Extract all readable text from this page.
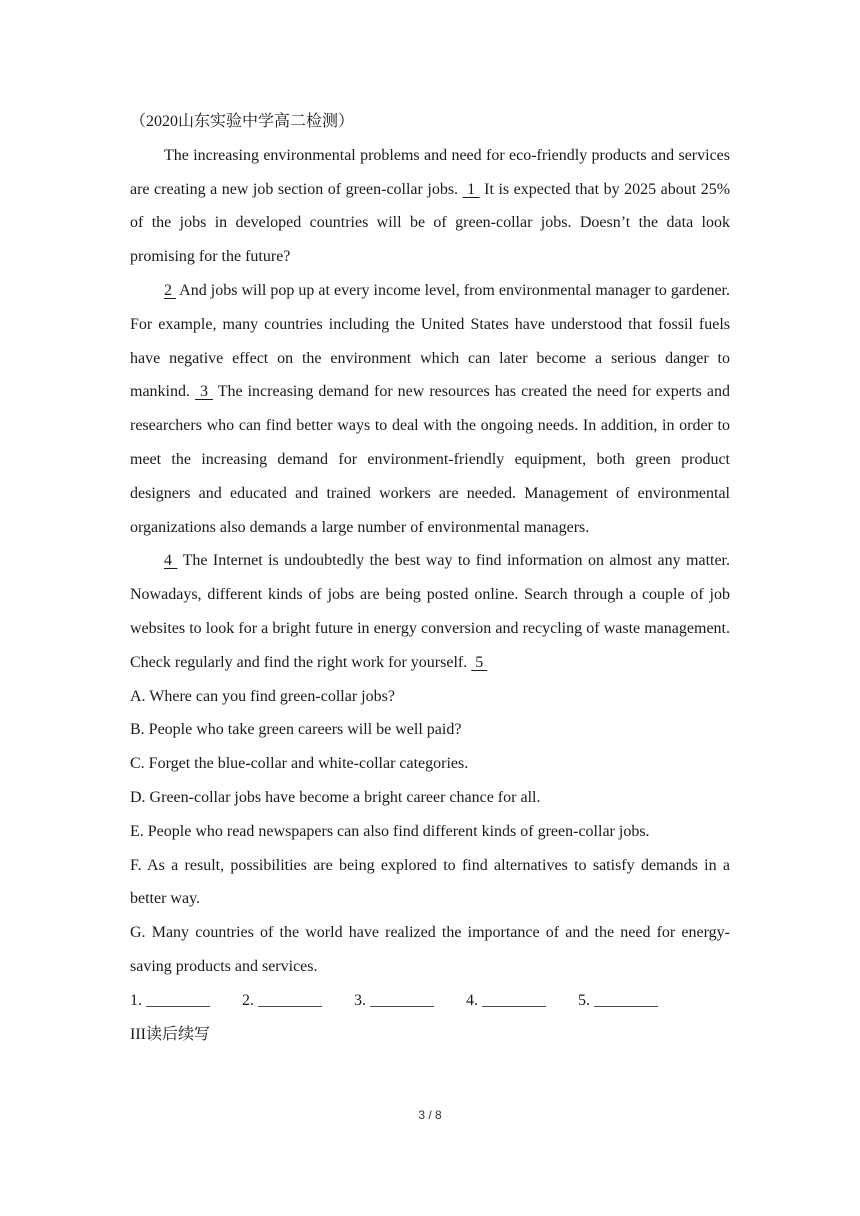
（2020山东实验中学高二检测）

The increasing environmental problems and need for eco-friendly products and services are creating a new job section of green-collar jobs.  1  It is expected that by 2025 about 25% of the jobs in developed countries will be of green-collar jobs. Doesn’t the data look promising for the future?

2  And jobs will pop up at every income level, from environmental manager to gardener. For example, many countries including the United States have understood that fossil fuels have negative effect on the environment which can later become a serious danger to mankind.  3  The increasing demand for new resources has created the need for experts and researchers who can find better ways to deal with the ongoing needs. In addition, in order to meet the increasing demand for environment-friendly equipment, both green product designers and educated and trained workers are needed. Management of environmental organizations also demands a large number of environmental managers.

4  The Internet is undoubtedly the best way to find information on almost any matter. Nowadays, different kinds of jobs are being posted online. Search through a couple of job websites to look for a bright future in energy conversion and recycling of waste management. Check regularly and find the right work for yourself.  5

A. Where can you find green-collar jobs?

B. People who take green careers will be well paid?

C. Forget the blue-collar and white-collar categories.

D. Green-collar jobs have become a bright career chance for all.

E. People who read newspapers can also find different kinds of green-collar jobs.

F. As a result, possibilities are being explored to find alternatives to satisfy demands in a better way.

G. Many countries of the world have realized the importance of and the need for energy-saving products and services.

1. ________	2. ________	3. ________	4. ________	5. ________
III读后续写
3 / 8
